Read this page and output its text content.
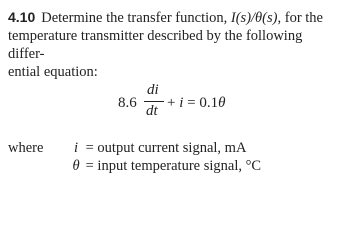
4.10 Determine the transfer function, I(s)/θ(s), for the
temperature transmitter described by the following differ-
ential equation:
8.6
di
dt + i = 0.1θ
where	i = output current signal, mA
θ = input temperature signal, °C
